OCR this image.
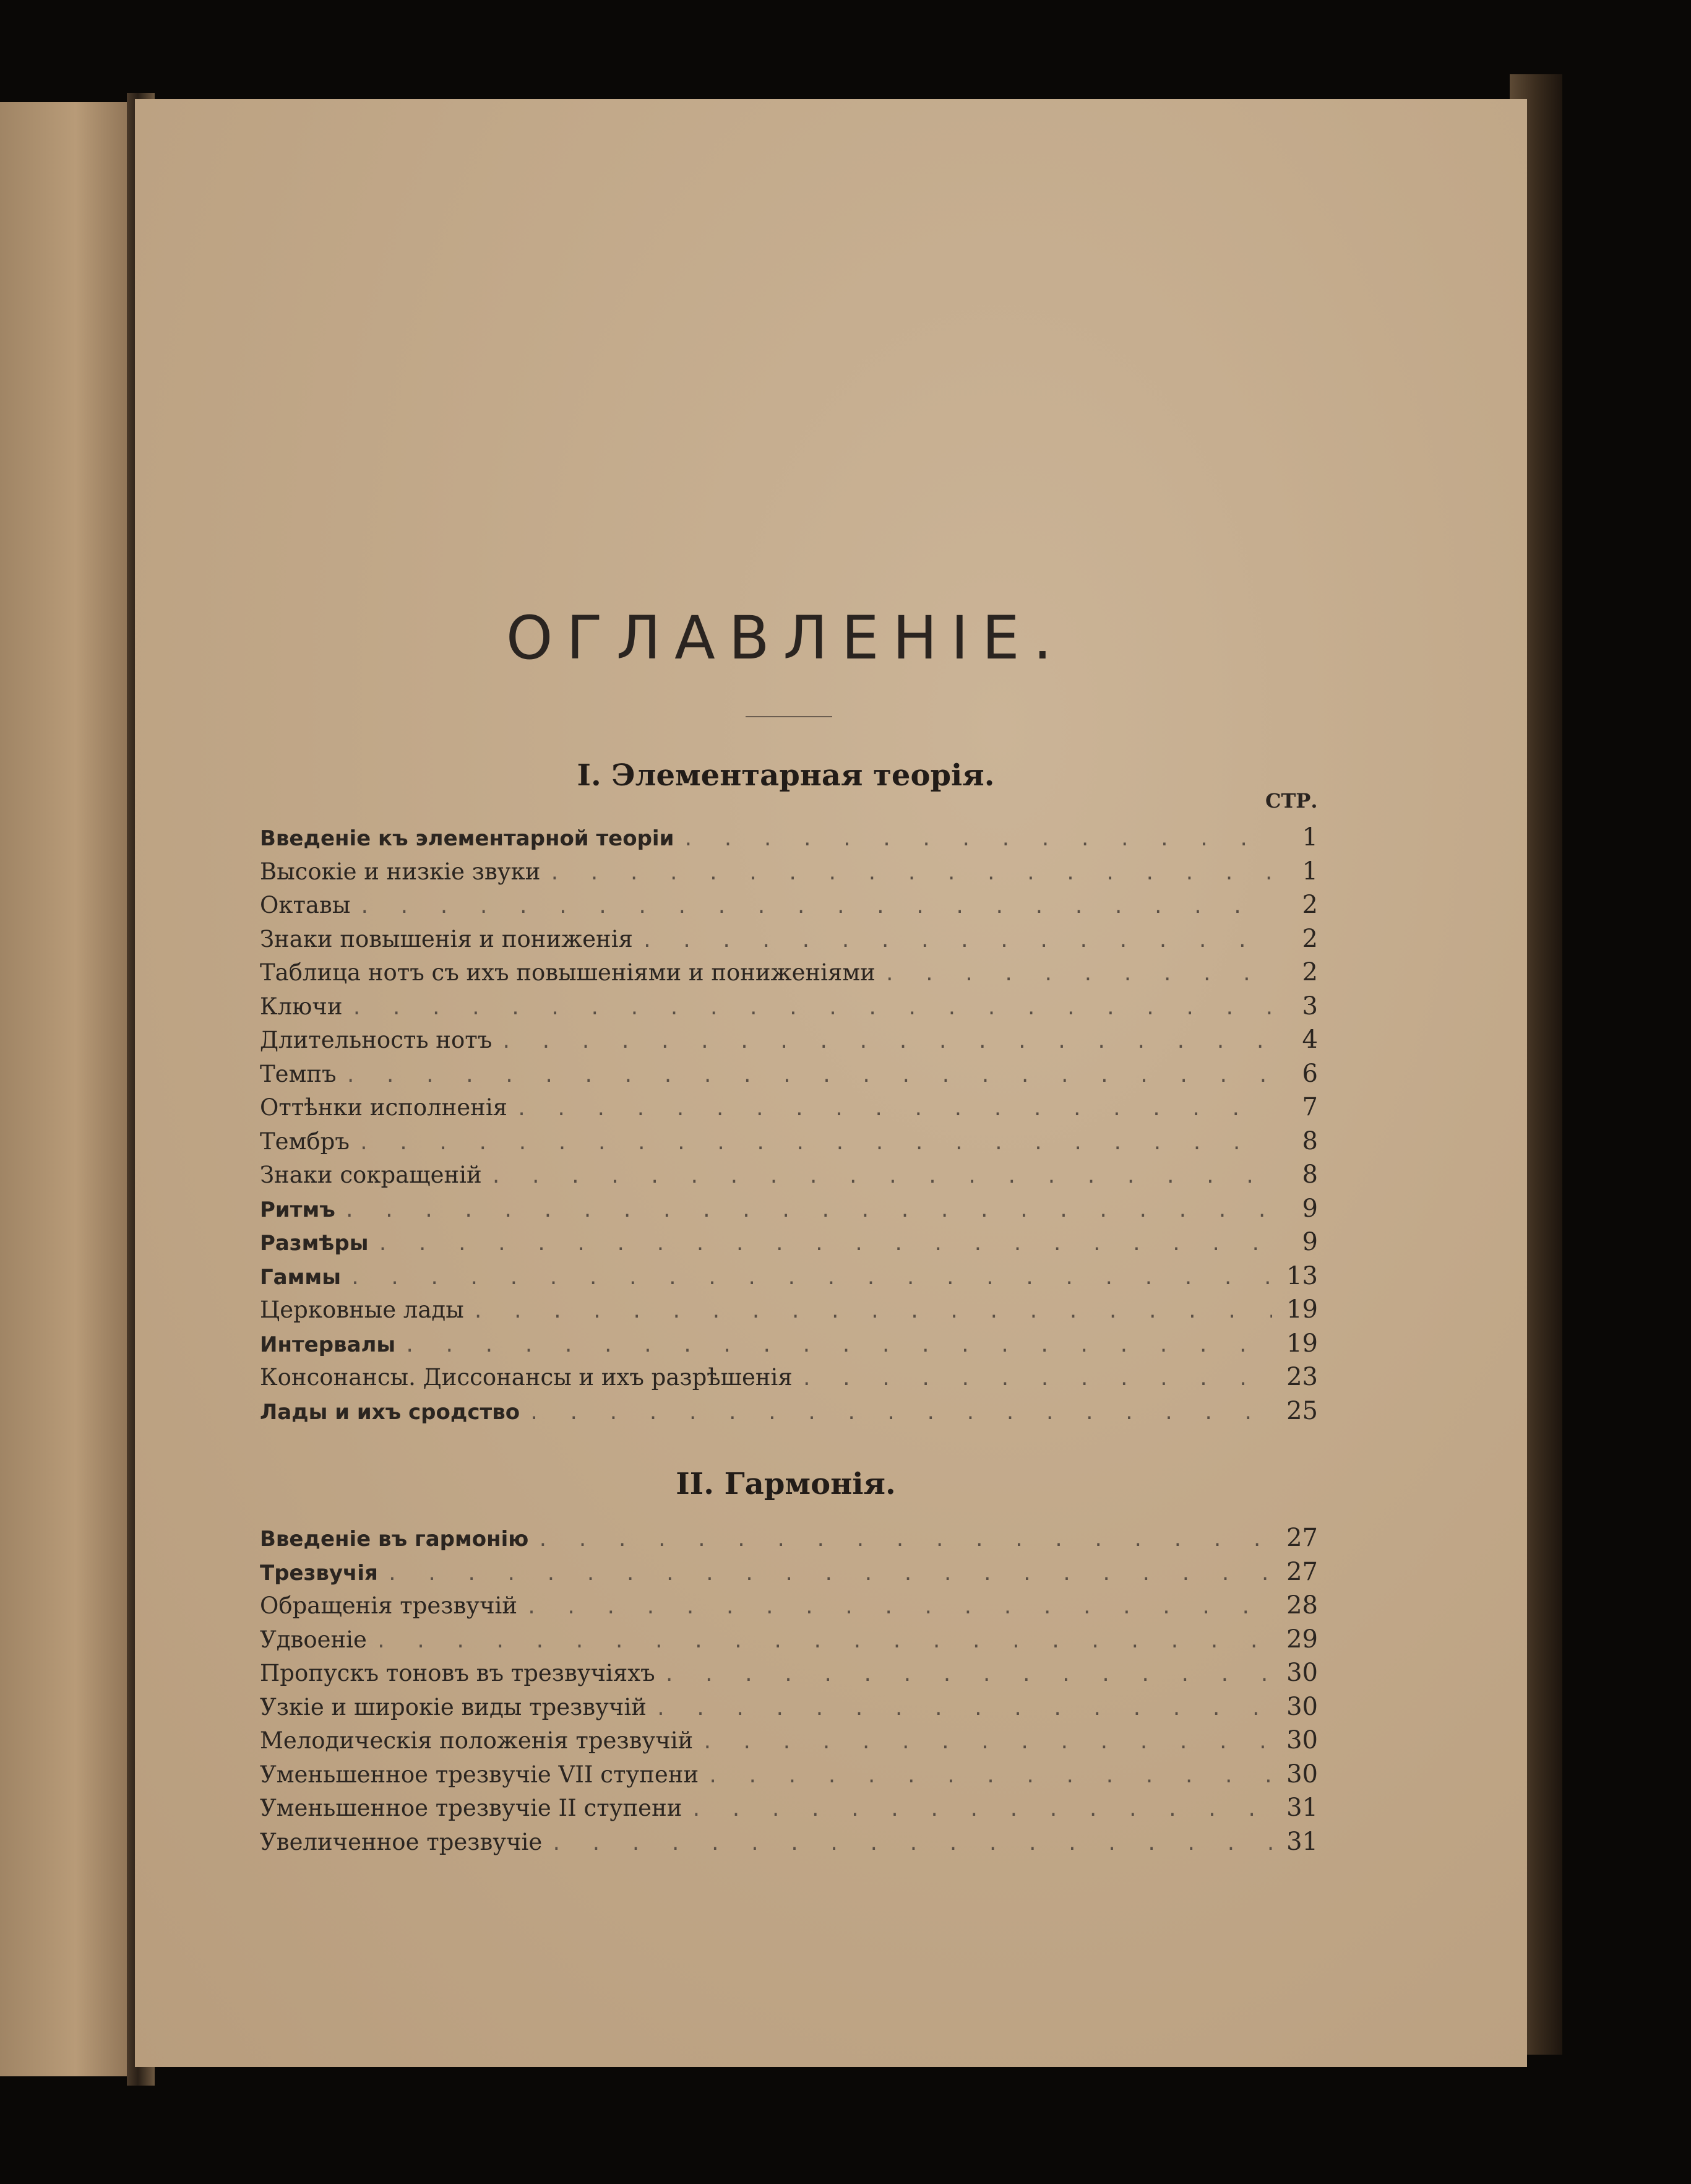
ОГЛАВЛЕНІЕ.
I. Элементарная теорія.
СТР.
Введеніе къ элементарной теоріи . . .	1
Высокіе и низкіе звуки . . .	1
Октавы . . .	2
Знаки повышенія и пониженія . . .	2
Таблица нотъ съ ихъ повышеніями и пониженіями . . .	2
Ключи . . .	3
Длительность нотъ . . .	4
Темпъ . . .	6
Оттѣнки исполненія . . .	7
Тембръ . . .	8
Знаки сокращеній . . .	8
Ритмъ . . .	9
Размѣры . . .	9
Гаммы . . .	13
Церковные лады . . .	19
Интервалы . . .	19
Консонансы. Диссонансы и ихъ разрѣшенія . . .	23
Лады и ихъ сродство . . .	25
II. Гармонія.
Введеніе въ гармонію . . .	27
Трезвучія . . .	27
Обращенія трезвучій . . .	28
Удвоеніе . . .	29
Пропускъ тоновъ въ трезвучіяхъ . . .	30
Узкіе и широкіе виды трезвучій . . .	30
Мелодическія положенія трезвучій . . .	30
Уменьшенное трезвучіе VII ступени . . .	30
Уменьшенное трезвучіе II ступени . . .	31
Увеличенное трезвучіе . . .	31
